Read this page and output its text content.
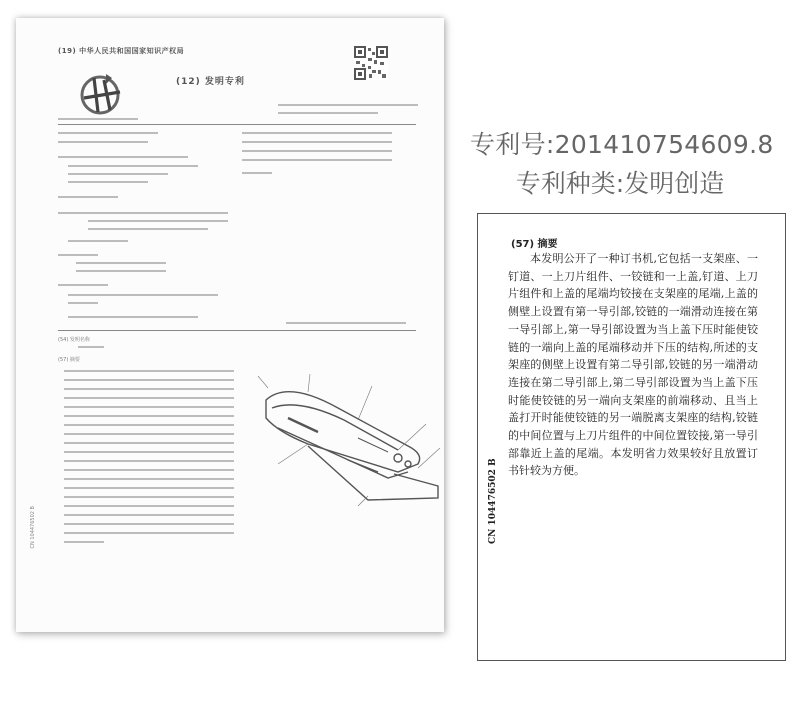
(19) 中华人民共和国国家知识产权局
(12) 发明专利
(54) 发明名称
(57) 摘要
CN 104476502 B
专利号:201410754609.8
专利种类:发明创造
(57) 摘要
本发明公开了一种订书机,它包括一支架座、一钉道、一上刀片组件、一铰链和一上盖,钉道、上刀片组件和上盖的尾端均铰接在支架座的尾端,上盖的侧壁上设置有第一导引部,铰链的一端滑动连接在第一导引部上,第一导引部设置为当上盖下压时能使铰链的一端向上盖的尾端移动并下压的结构,所述的支架座的侧壁上设置有第二导引部,铰链的另一端滑动连接在第二导引部上,第二导引部设置为当上盖下压时能使铰链的另一端向支架座的前端移动、且当上盖打开时能使铰链的另一端脱离支架座的结构,铰链的中间位置与上刀片组件的中间位置铰接,第一导引部靠近上盖的尾端。本发明省力效果较好且放置订书针较为方便。
CN 104476502 B
